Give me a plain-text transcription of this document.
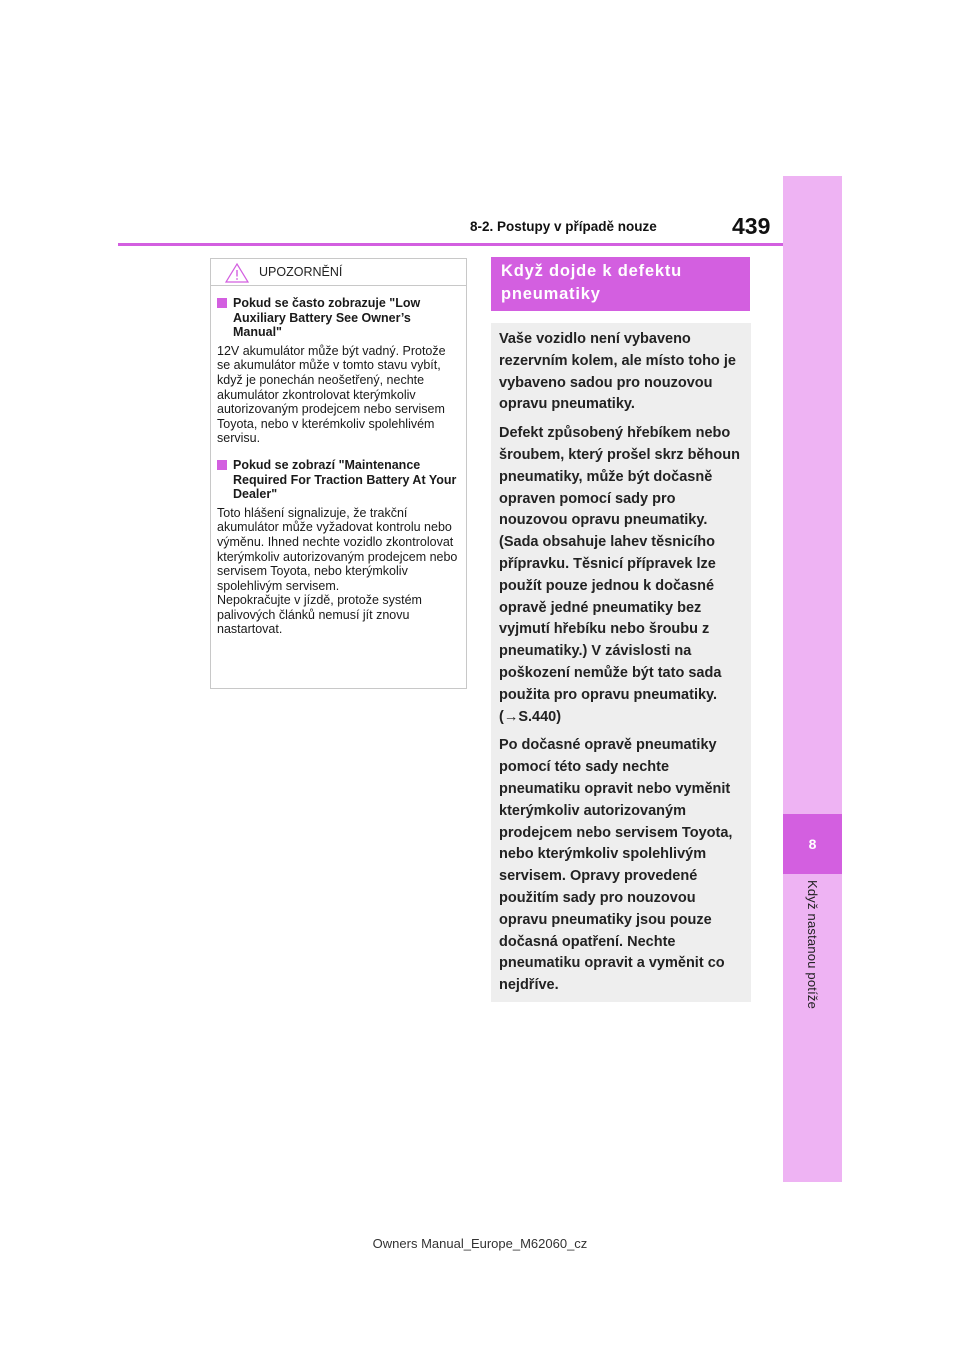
8
Když nastanou potíže
8-2. Postupy v případě nouze	439
UPOZORNĚNÍ
Pokud se často zobrazuje "Low Auxiliary Battery See Owner’s Manual"
12V akumulátor může být vadný. Protože se akumulátor může v tomto stavu vybít, když je ponechán neošetřený, nechte akumulátor zkontrolovat kterýmkoliv autorizovaným prodejcem nebo servisem Toyota, nebo v kterémkoliv spolehlivém servisu.
Pokud se zobrazí "Maintenance Required For Traction Battery At Your Dealer"
Toto hlášení signalizuje, že trakční akumulátor může vyžadovat kontrolu nebo výměnu. Ihned nechte vozidlo zkontrolovat kterýmkoliv autorizovaným prodejcem nebo servisem Toyota, nebo kterýmkoliv spolehlivým servisem.
Nepokračujte v jízdě, protože systém palivových článků nemusí jít znovu nastartovat.
Když dojde k defektu pneumatiky

Vaše vozidlo není vybaveno rezervním kolem, ale místo toho je vybaveno sadou pro nouzovou opravu pneumatiky.

Defekt způsobený hřebíkem nebo šroubem, který prošel skrz běhoun pneumatiky, může být dočasně opraven pomocí sady pro nouzovou opravu pneumatiky. (Sada obsahuje lahev těsnicího přípravku. Těsnicí přípravek lze použít pouze jednou k dočasné opravě jedné pneumatiky bez vyjmutí hřebíku nebo šroubu z pneumatiky.) V závislosti na poškození nemůže být tato sada použita pro opravu pneumatiky. (→S.440)

Po dočasné opravě pneumatiky pomocí této sady nechte pneumatiku opravit nebo vyměnit kterýmkoliv autorizovaným prodejcem nebo servisem Toyota, nebo kterýmkoliv spolehlivým servisem. Opravy provedené použitím sady pro nouzovou opravu pneumatiky jsou pouze dočasná opatření. Nechte pneumatiku opravit a vyměnit co nejdříve.

Owners Manual_Europe_M62060_cz
